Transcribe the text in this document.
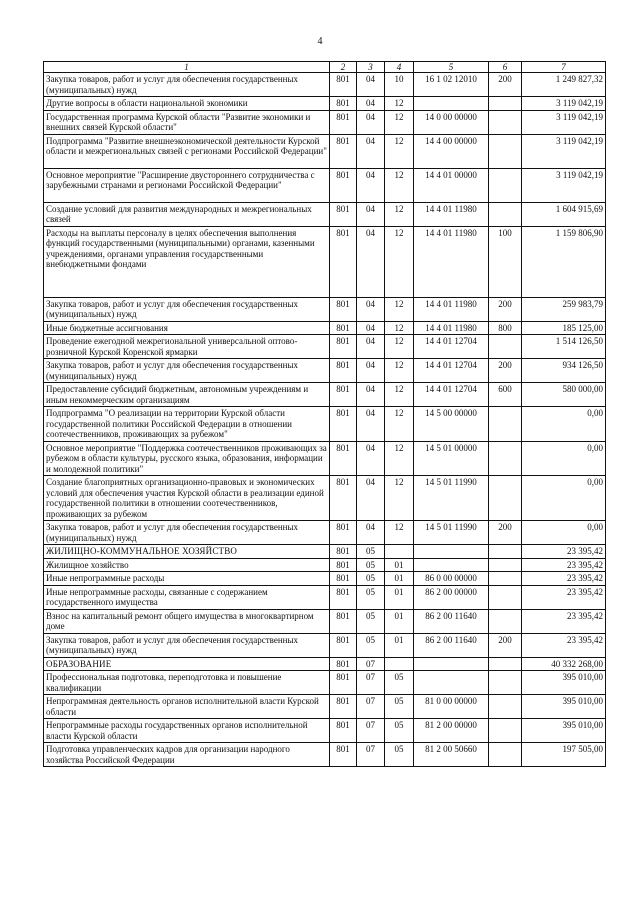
4
1	2	3	4	5	6	7
Закупка товаров, работ и услуг для обеспечения государственных (муниципальных) нужд	801	04	10	16 1 02 12010	200	1 249 827,32
Другие вопросы в области национальной экономики	801	04	12			3 119 042,19
Государственная программа Курской области "Развитие экономики и внешних связей Курской области"	801	04	12	14 0 00 00000		3 119 042,19
Подпрограмма "Развитие внешнеэкономической деятельности Курской области и межрегиональных связей с регионами Российской Федерации"	801	04	12	14 4 00 00000		3 119 042,19
Основное мероприятие "Расширение двустороннего сотрудничества с зарубежными странами и регионами Российской Федерации"	801	04	12	14 4 01 00000		3 119 042,19
Создание условий для развития международных и межрегиональных связей	801	04	12	14 4 01 11980		1 604 915,69
Расходы на выплаты персоналу в целях обеспечения выполнения функций государственными (муниципальными) органами, казенными учреждениями, органами управления государственными внебюджетными фондами	801	04	12	14 4 01 11980	100	1 159 806,90
Закупка товаров, работ и услуг для обеспечения государственных (муниципальных) нужд	801	04	12	14 4 01 11980	200	259 983,79
Иные бюджетные ассигнования	801	04	12	14 4 01 11980	800	185 125,00
Проведение ежегодной межрегиональной универсальной оптово-розничной Курской Коренской ярмарки	801	04	12	14 4 01 12704		1 514 126,50
Закупка товаров, работ и услуг для обеспечения государственных (муниципальных) нужд	801	04	12	14 4 01 12704	200	934 126,50
Предоставление субсидий бюджетным, автономным учреждениям и иным некоммерческим организациям	801	04	12	14 4 01 12704	600	580 000,00
Подпрограмма "О реализации на территории Курской области государственной политики Российской Федерации в отношении соотечественников, проживающих за рубежом"	801	04	12	14 5 00 00000		0,00
Основное мероприятие "Поддержка соотечественников проживающих за рубежом в области культуры, русского языка, образования, информации и молодежной политики"	801	04	12	14 5 01 00000		0,00
Создание благоприятных организационно-правовых и экономических условий для обеспечения участия Курской области в реализации единой государственной политики в отношении соотечественников, проживающих за рубежом	801	04	12	14 5 01 11990		0,00
Закупка товаров, работ и услуг для обеспечения государственных (муниципальных) нужд	801	04	12	14 5 01 11990	200	0,00
ЖИЛИЩНО-КОММУНАЛЬНОЕ ХОЗЯЙСТВО	801	05				23 395,42
Жилищное хозяйство	801	05	01			23 395,42
Иные непрограммные расходы	801	05	01	86 0 00 00000		23 395,42
Иные непрограммные расходы, связанные с содержанием государственного имущества	801	05	01	86 2 00 00000		23 395,42
Взнос на капитальный ремонт общего имущества в многоквартирном доме	801	05	01	86 2 00 11640		23 395,42
Закупка товаров, работ и услуг для обеспечения государственных (муниципальных) нужд	801	05	01	86 2 00 11640	200	23 395,42
ОБРАЗОВАНИЕ	801	07				40 332 268,00
Профессиональная подготовка, переподготовка и повышение квалификации	801	07	05			395 010,00
Непрограммная деятельность органов исполнительной власти Курской области	801	07	05	81 0 00 00000		395 010,00
Непрограммные расходы государственных органов исполнительной власти Курской области	801	07	05	81 2 00 00000		395 010,00
Подготовка управленческих кадров для организации народного хозяйства Российской Федерации	801	07	05	81 2 00 50660		197 505,00
